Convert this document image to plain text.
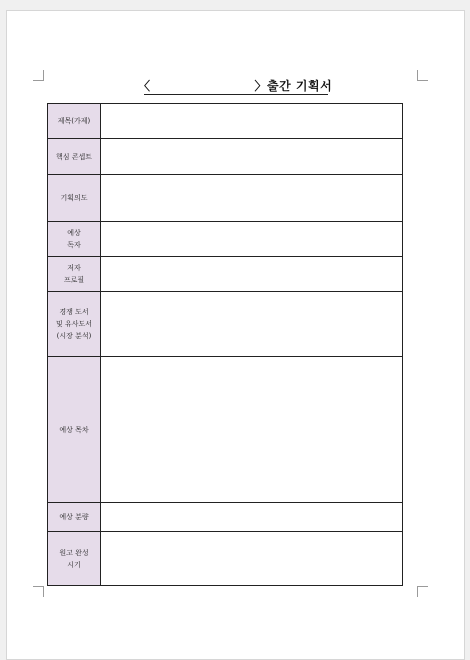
〈	〉 출간 기획서
제목(가제)	

핵심 콘셉트	

기획의도	

예상
독자	

저자
프로필	

경쟁 도서
및 유사도서
(시장 분석)	

예상 목차	

예상 분량	

원고 완성
시기	
